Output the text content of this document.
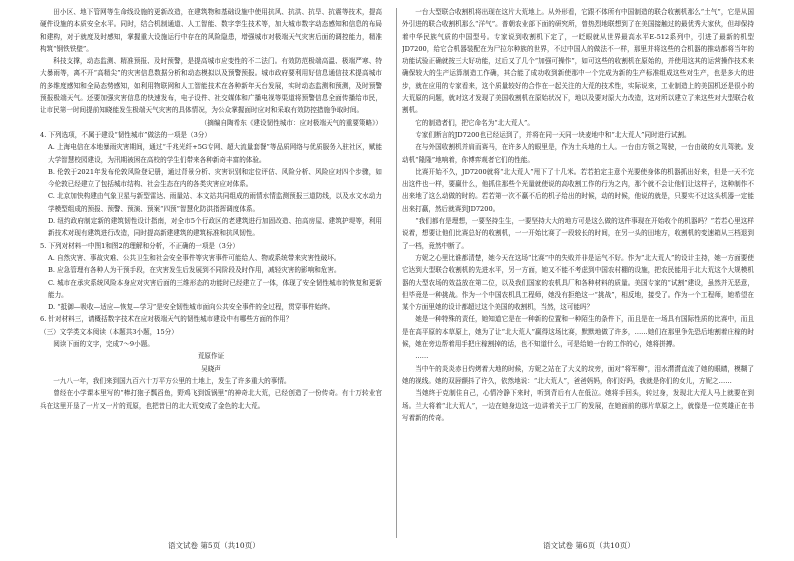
田小区、地下管网等生命线设施的更新改造，在建筑物和基础设施中使用抗风、抗洪、抗旱、抗震等技术，提高硬件设施的本质安全水平。同时，结合机制通道、人工智能、数字孪生技术等，加大城市数字动态感知和信息的布局和建构，对于就度及时感知，掌握重大设施运行中存在的风险隐患，增强城市对极端天气灾害后面的调控能力，精准构筑“钢铁铁壁”。

科技支撑，动态监测、精准预报、及时预警，是提高城市应变性的不二法门。有效防范极端高温、极端严寒、特大暴雨等，离不开“高精尖”的灾害信息数据分析和动态模拟以及预警预报。城市政府要利用好信息通信技术提高城市的多维度感知和全局态势感知，如利用物联网和人工智能技术在各种新年天台发展，实时动态监测和预测，及时预警预报极端天气。还要加强灾害信息的快速发布，电子设件、社交媒体和广播电视等渠道将预警信息全面传播给市民，让市民第一时间提前知晓能发生极端天气灾害的具体情况，为公众掌握面时应对和采取有效防控措施争取时间。

（摘编自陶希东《建设韧性城市：应对极端天气的重要策略》）

4. 下列选项，不属于建设“韧性城市”做法的一项是（3分）

A. 上海电信在本地暴雨灾害期间，通过“千兆光纤+5G专网、超大流量套餐”等品质网络与优质服务入驻社区，赋能大学智慧校园建设，为汛期被困在高校的学生们带来各种新奇丰富的体验。

B. 伦敦于2021年发布伦敦风险登记册，通过背景分析、灾害识别和定位评估、风险分析、风险应对四个步骤，如今伦敦已经建立了包括城市结构、社会生态在内的各类灾害应对体系。

C. 北京加快构建由气象卫星与新型雷达、雨量站、本文站共同组成的雨情水情监测预报三道防线，以及水文水动力学模型组成的预报、预警、预演、预案“四预”智慧化防洪指挥调度体系。

D. 纽约政府制定新的建筑韧性设计指南，对全市5个行政区的老建筑进行加固改造、拍高房屋、建筑护堤等，利用新技术对现有建筑进行改造，同时提高新建建筑的建筑标准和抗风韧性。

5. 下列对材料一中图1和图2的理解和分析，不正确的一项是（3分）

A. 自然灾害、事故灾难、公共卫生和社会安全事件等灾害事件可能给人、物或系统带来灾害性破坏。

B. 应急管理有各种人为干预手段，在灾害发生后发展到不同阶段及时作用，减轻灾害的影响和危害。

C. 城市在承灾系统风险本身应对灾害后面的三维形态的功能时已经建立了一体，体现了安全韧性城市的恢复和更新能力。

D. “抵御—吸收—适应—恢复—学习”是安全韧性城市面向公共安全事件的全过程，贯穿事件始终。

6. 针对材料三，请概括数字技术在应对极端天气的韧性城市建设中有哪些方面的作用？

（三）文学类文本阅读（本题共3小题，15分）

阅读下面的文字，完成7～9小题。

荒原作证

吴晓声

一九八一年，我们来到国九百六十万平方公里的土地上，发生了许多重大的事情。

曾经在小学课本里写的“棒打狍子瓢舀鱼，野鸡飞到饭锅里”的神奇北大荒，已经创造了一份传奇。有十万转业官兵在这里开垦了一片又一片的荒原，也把昔日的北大荒变成了金色的北大荒。

语文试卷 第5页（共10页）

一台大型联合收割机将出现在这片大荒地上。从外形看，它跟不体所有中国制造的联合收割机那么“土气”，它是从国外引进的联合收割机那么“洋气”。普朝农业部下面的研究所，曾热烈地联想到了在美国接触过的最优秀大家伙，但却保持着中华民族气质的中国型号。专家说到收割机下定了，一眨眼就从世界最高水平E-512系列中，引进了最新的机型JD7200，给它合机器装配在为尸拉尔种族的世界，不过中国人的做法不一样，那里并将这些的合机器的推动都将当年的功能试验正确就按三大好功能，过后又了几个“加强可操作”，如可这些的收割机在原始的，并使用这其的运营操作技术来确保较大的生产运算制造工作确，其合能了成功收到新使那中一个完成为新的生产标准组成这些对生产，也是多大的进步，就在应用的专家看来，这个质量较好的合作在一起关注的大荒的技术性，实际说来，工业制造上的美国机还是很小的大荒原的问题，就对这才发现了美国收割机在原始状况下，地以及要对原大力改造，这对所以建立了来这些对大型联合收割机。

它的制造者们，把它命名为“北大荒人”。

专家们断言的JD7200也已经运到了，并将在同一天同一块麦地中和“北大荒人”同时进行试割。

在与外国收割机并肩而赛马，在许多人的眼里是，作为土兵地的土人。一台由方领之驾驶，一台由破的女儿驾驶。发动机“隆隆”地响着，你博弈观者它们的性能。

比赛开始不久，JD7200就将“北大荒人”甩下了十几米。若若拍定主意个光要使身体的机器抓出好来，但是一天不完出这件也一样，要赢什么，他抓住那些个光量就使说的高收割工作的行为之内，那个就不会让他们让这样子，这种制作不出来地了这么动做的时的。若若第一次不赢不后的机子给出的时候，动的时候，他说的就是，只要实不过这头机器一定能出来打赢，然后就赛到JD7200。

“我们都有是理想，一要坚持生生，一要坚持大大的地方可是这么做的这件事现在开始收个的机器吗？”若若心里这样说着，想要让他们比赛总好的收割机，一一开始比赛了一段较长的时间，在另一头的田地方，收割机的变速箱从三档退到了一档，竟然中断了。

方妮之心里比谁都清楚，她今天在这场“比赛”中的失败并非是运气不好。作为“北大荒人”的设计主持，她一方面要使它达到大型联合收割机的先进水平，另一方面，她又不能不考虑到中国农村棚的设施，把农民能用于北大荒这个大规模机器的大型农场的效益放在第二位，以及我们国家的农机具厂和各种材料的质量。美国专家的“试割”建设，虽然并无恶意，但毕竟是一种挑战。作为一个中国农机具工程师，她没有拒绝这一“挑战”，相反地，接受了。作为一个工程师，她希望在某个方面里她的设计都超过这个美国的收割机，当然，这可能吗？

她是一种特殊的责任，她知道它是在一种新的位置和一种陌生的条件下，而且是在一场具有国际性质的比赛中，而且是在高平原的本草原上，她为了让“北大荒人”赢得这场比赛，默默地做了许多，……她们在那里争先恐后地割着庄稼的时候，她在旁边帮着用手把庄稼割掉的话，也不知道什么，可是给她一台的工作的心，她将拼搏。

……

当中午的炎炎赤日灼烤着大地的时候，方妮之站在了大义的坟旁，面对“将军柳”，泪水潸潸直流了她的眼睛，模糊了她的视线。她的双唇颤抖了许久，依然地说：“北大荒人”，爸爸妈妈，你们好吗，我就是你们的女儿，方妮之……

当她终于克制住自己，心情冷静下来时，听到背后有人在低泣。她将手回头，转过身，发现北大荒人马上就要在到场。兰大将着“北大荒人”，一边在她身边这一边讲着关于工厂的发展，在她面前的那片草原之上，就像是一位英雄正在书写着新的传奇。

语文试卷 第6页（共10页）
